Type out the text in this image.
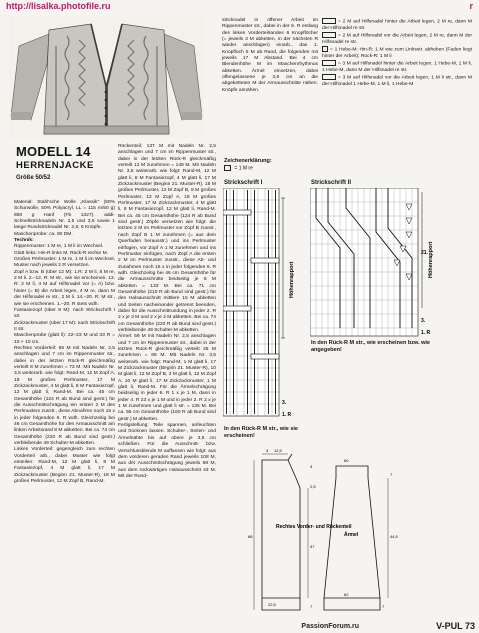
http://lisalka.photofile.ru	r
MODELL 14
HERRENJACKE
Größe 50/52

Material: Stahl'sche Wolle „Klassik" (50% Schurwolle, 50% Polyacryl, LL = 115 m/50 g) 850 g Hanf (Fb 1327). addi-Schnellstricknadeln Nr. 2,5 und 3,5 sowie 1 lange Rundstricknadel Nr. 2,5; 6 Knöpfe.

Maschenprobe: ca. 90 DM.

Technik:

Rippenmuster: 1 M re, 1 M li im Wechsel.

Glatt links: Hin-R links M, Rück-R rechte M.

Großes Perlmuster: 1 M re, 1 M li im Wechsel, Muster nach jeweils 2 R versetzen.

Zopf A bzw. B (über 12 M): 1.R: 2 M li, 8 M re, 2 M li. 2.–12. R: M str., wie sie erscheinen. 13. R: 2 M li, 4 M auf Hilfsnadel vor (= A) bzw. hinter (= B) die Arbeit legen, 4 M re, dann M der Hilfsnadel re str., 2 M li. 14.–20. R: M str., wie sie erscheinen. 1.–20. R stets wdh.

Fantasiezopf (über 8 M): nach Strickschrift I str.

Zickzackmuster (über 17 M): nach Strickschrift II str.

Maschenprobe (glatt li): 22–23 M und 33 R = 10 × 10 cm.

Rechtes Vorderteil: 65 M mit Nadeln Nr. 2,5 anschlagen und 7 cm im Rippenmuster str., dabei in der letzten Rück-R gleichmäßig verteilt 8 M zunehmen = 73 M. Mit Nadeln Nr. 3,5 weiterarb. wie folgt: Rand-M, 12 M Zopf A, 18 M großes Perlmuster, 17 M Zickzackmuster, 4 M glatt li, 8 M Fantasiezopf, 12 M glatt li, Rand-M. Bei ca. 45 cm Gesamthöhe (124 R ab Bund sind gestr.) für die Ausschnittschrägung ein ersten 2 M des Perlmusters zusstr., diese Abnahme noch 15 x in jeder folgenden 6. R wdh. Gleichzeitig bei 46 cm Gesamthöhe für den Armausschnitt am linken Arbeitsrand 8 M abketten. Bei ca. 74 cm Gesamthöhe (220 R ab Bund sind gestr.) verbleibende 49 Schulter-M abketten.

Linkes Vorderteil: gegengleich zum rechten Vorderteil arb., dabei Muster wie folgt einteilen: Rand-M, 12 M glatt li, 8 M Fantasiezopf, 4 M glatt li, 17 M Zickzackmuster (Beginn 21. Muster-R), 18 M großes Perlmuster, 12 M Zopf B, Rand-M.

Rückenteil: 137 M mit Nadeln Nr. 2,5 anschlagen und 7 cm im Rippenmuster str., dabei in der letzten Rück-R gleichmäßig verteilt 12 M zunehmen = 149 M. Mit Nadeln Nr. 3,5 weiterarb. wie folgt: Rand-M, 12 M glatt li, 8 M Fantasiezopf, 4 M glatt li, 17 M Zickzackmuster (Beginn 21. Muster-R), 18 M großes Perlmuster, 12 M Zopf B, 9 M großes Perlmuster, 12 M Zopf A, 18 M großes Perlmuster, 17 M Zickzackmuster, 4 M glatt li, 8 M Fantasiezopf, 12 M glatt li, Rand-M. Bei ca. 45 cm Gesamthöhe (124 R ab Bund sind gestr.) Zöpfe versetzen wie folgt: die letzten 2 M im Perlmuster vor Zopf B zusstr., nach Zopf B 1 M zunehmen (= aus dem Querfaden herausstr.) und ins Perlmuster einfügen, vor Zopf A 1 M zunehmen und ins Perlmuster einfügen, nach Zopf A die ersten 2 M im Perlmuster zusstr., diese Ab- und Zunahmen noch 15 x in jeder folgenden 6. R wdh. Gleichzeitig bei 46 cm Gesamthöhe für die Armausschnitte beidseitig je 8 M abketten = 133 M. Bei ca. 71 cm Gesamthöhe (210 R ab Bund sind gestr.) für den Halsausschnitt mittlere 15 M abketten und Seiten nacheinander getrennt beenden, dabei für die Ausschnittrundung in jeder 2. R 2 x je 3 M und 2 x je 2 M abketten. Bei ca. 74 cm Gesamthöhe (220 R ab Bund sind gestr.) verbleibende 49 Schulter-M abketten.

Ärmel: 59 M mit Nadeln Nr. 2,5 anschlagen und 7 cm im Rippenmuster str., dabei in der letzten Rück-R gleichmäßig verteilt 26 M zunehmen = 85 M. Mit Nadeln Nr. 3,5 weiterarb. wie folgt: Rand-M, 1 M glatt li, 17 M Zickzackmuster (Beginn 21. Muster-R), 10 M glatt li, 12 M Zopf B, 3 M glatt li, 12 M Zopf A, 10 M glatt li, 17 M Zickzackmuster, 1 M glatt li, Rand-M. Für die Ärmelschrägung beidseitig in jeder 6. R 1 x je 1 M, dann in jeder 4. R 23 x je 1 M und in jeder 2. R 2 x je 1 M zunehmen und glatt li str. = 135 M. Bei ca. 55 cm Gesamthöhe (160 R ab Bund sind gestr.) M abketten.

Fertigstellung: Teile spannen, anfeuchten und trocknen lassen. Schulter-, Seiten- und Ärmelnähte bis auf obere je 3,5 cm schließen. Für die Ausschnitt- bzw. Verschlussblende M auffassen wie folgt: aus dem vorderen geraden Rand jeweils 108 M, aus der Ausschnittschrägung jeweils 68 M, aus dem rückwärtigen Halsausschnitt 43 M. Mit der Rund-

stricknadel in offener Arbeit im Rippenmuster str., dabei in der 6. R entlang des linken Vorderteilrandes 6 Knopflöcher (= jeweils 3 M abketten, in der nächsten R wieder anschlagen) einarb., das 1. Knopfloch 5 M ab Rand, die folgenden mit jeweils 17 M Abstand. Bei 4 cm Blendenhöhe M im Maschenrhythmus abketten. Ärmel einsetzen, dabei offengelassene je 3,5 cm an die abgeketteten M der Armausschnitte nähen. Knöpfe annähen.

Zeichenerklärung:
= 1 M re

= 2 M auf Hilfsnadel hinter die Arbeit legen, 2 M re, dann M der Hilfsnadel re str.

= 2 M auf Hilfsnadel vor die Arbeit legen, 2 M re, dann M der Hilfsnadel re str.

= 1 Hebe-M: Hin-R: 1 M wie zum Linksstr. abheben (Faden liegt hinter der Arbeit); Rück-R: 1 M li

= 3 M auf Hilfsnadel hinter die Arbeit legen, 1 Hebe-M, 1 M li, 1 Hebe-M, dann M der Hilfsnadel re str.

= 3 M auf Hilfsnadel vor die Arbeit legen, 1 M li str., dann M der Hilfsnadel 1 Hebe-M, 1 M li, 1 Hebe-M

Strickschrift I	Strickschrift II
Höhenrapport
3.
1. R
In den Rück-R M str., wie sie erscheinen!
Höhenrapport
21.
3.
1. R
In den Rück-R M str., wie erscheinen bzw. wie angegeben!
Rechtes Vorder- und Rückenteil
Ärmel
3 12,5
22,5
3
7
68
2,5
37
60
7
62
44,5
7
PassionForum.ru	V-PUL 73
